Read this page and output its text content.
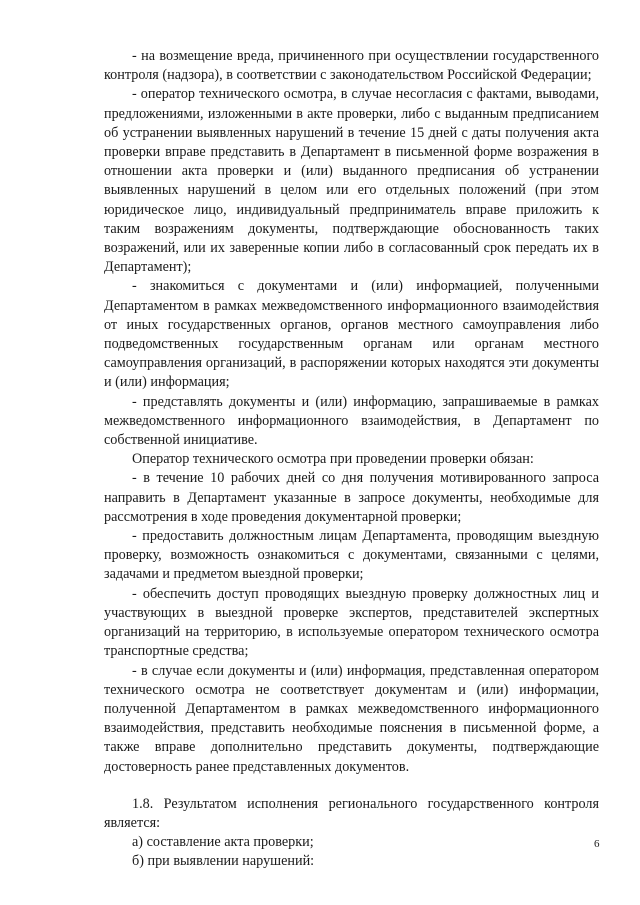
- на возмещение вреда, причиненного при осуществлении государственного контроля (надзора), в соответствии с законодательством Российской Федерации;

- оператор технического осмотра, в случае несогласия с фактами, выводами, предложениями, изложенными в акте проверки, либо с выданным предписанием об устранении выявленных нарушений в течение 15 дней с даты получения акта проверки вправе представить в Департамент в письменной форме возражения в отношении акта проверки и (или) выданного предписания об устранении выявленных нарушений в целом или его отдельных положений (при этом юридическое лицо, индивидуальный предприниматель вправе приложить к таким возражениям документы, подтверждающие обоснованность таких возражений, или их заверенные копии либо в согласованный срок передать их в Департамент);

- знакомиться с документами и (или) информацией, полученными Департаментом в рамках межведомственного информационного взаимодействия от иных государственных органов, органов местного самоуправления либо подведомственных государственным органам или органам местного самоуправления организаций, в распоряжении которых находятся эти документы и (или) информация;

- представлять документы и (или) информацию, запрашиваемые в рамках межведомственного информационного взаимодействия, в Департамент по собственной инициативе.

Оператор технического осмотра при проведении проверки обязан:

- в течение 10 рабочих дней со дня получения мотивированного запроса направить в Департамент указанные в запросе документы, необходимые для рассмотрения в ходе проведения документарной проверки;

- предоставить должностным лицам Департамента, проводящим выездную проверку, возможность ознакомиться с документами, связанными с целями, задачами и предметом выездной проверки;

- обеспечить доступ проводящих выездную проверку должностных лиц и участвующих в выездной проверке экспертов, представителей экспертных организаций на территорию, в используемые оператором технического осмотра транспортные средства;

- в случае если документы и (или) информация, представленная оператором технического осмотра не соответствует документам и (или) информации, полученной Департаментом в рамках межведомственного информационного взаимодействия, представить необходимые пояснения в письменной форме, а также вправе дополнительно представить документы, подтверждающие достоверность ранее представленных документов.

1.8. Результатом исполнения регионального государственного контроля является:

а) составление акта проверки;

б) при выявлении нарушений:

6
